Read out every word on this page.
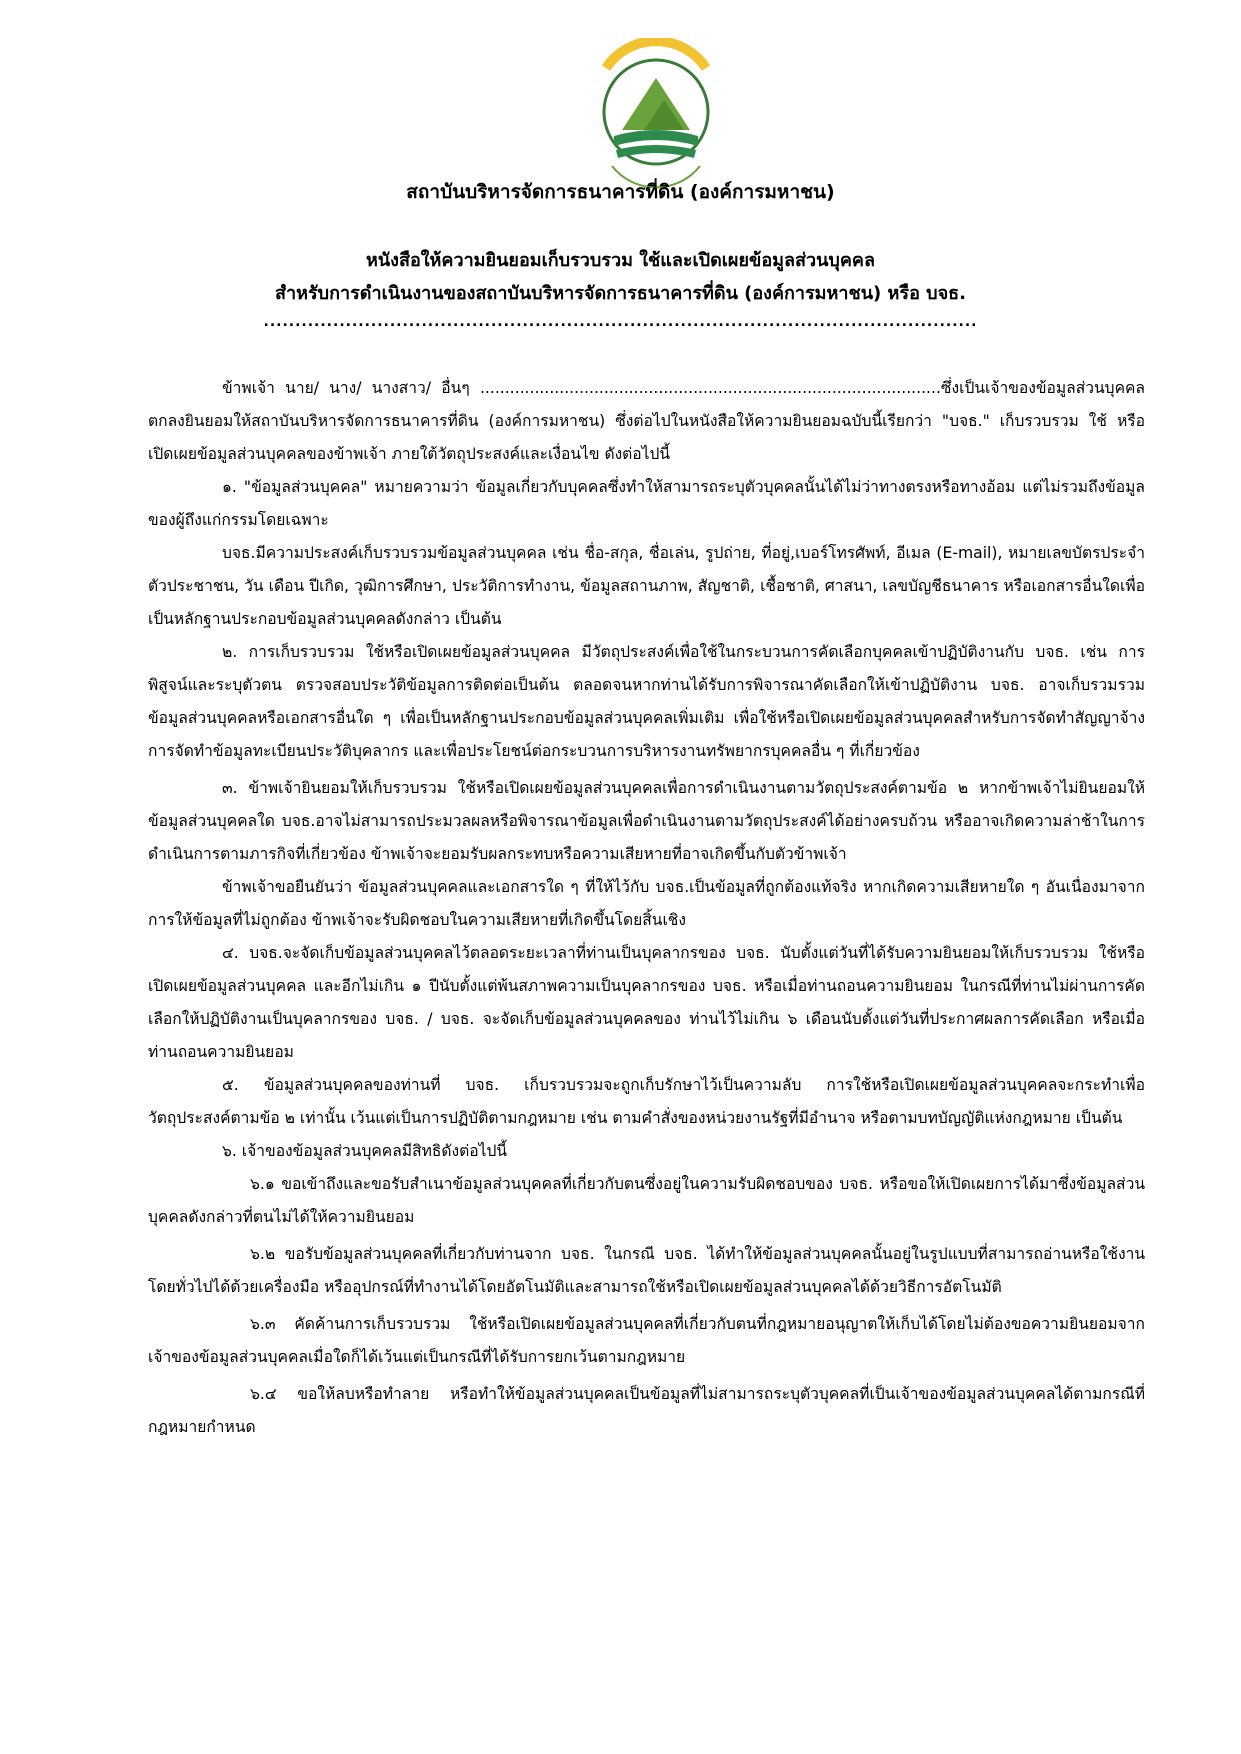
สถาบันบริหารจัดการธนาคารที่ดิน (องค์การมหาชน)
หนังสือให้ความยินยอมเก็บรวบรวม ใช้และเปิดเผยข้อมูลส่วนบุคคล
สำหรับการดำเนินงานของสถาบันบริหารจัดการธนาคารที่ดิน (องค์การมหาชน) หรือ บจธ.
.................................................................................................................

ข้าพเจ้า นาย/ นาง/ นางสาว/ อื่นๆ .............................................................................................ซึ่งเป็นเจ้าของข้อมูลส่วนบุคคลตกลงยินยอมให้สถาบันบริหารจัดการธนาคารที่ดิน (องค์การมหาชน) ซึ่งต่อไปในหนังสือให้ความยินยอมฉบับนี้เรียกว่า "บจธ." เก็บรวบรวม ใช้ หรือ เปิดเผยข้อมูลส่วนบุคคลของข้าพเจ้า ภายใต้วัตถุประสงค์และเงื่อนไข ดังต่อไปนี้

๑. "ข้อมูลส่วนบุคคล" หมายความว่า ข้อมูลเกี่ยวกับบุคคลซึ่งทำให้สามารถระบุตัวบุคคลนั้นได้ไม่ว่าทางตรงหรือทางอ้อม แต่ไม่รวมถึงข้อมูลของผู้ถึงแก่กรรมโดยเฉพาะ

บจธ.มีความประสงค์เก็บรวบรวมข้อมูลส่วนบุคคล เช่น ชื่อ-สกุล, ชื่อเล่น, รูปถ่าย, ที่อยู่,เบอร์โทรศัพท์, อีเมล (E-mail), หมายเลขบัตรประจำตัวประชาชน, วัน เดือน ปีเกิด, วุฒิการศึกษา, ประวัติการทำงาน, ข้อมูลสถานภาพ, สัญชาติ, เชื้อชาติ, ศาสนา, เลขบัญชีธนาคาร หรือเอกสารอื่นใดเพื่อเป็นหลักฐานประกอบข้อมูลส่วนบุคคลดังกล่าว เป็นต้น

๒. การเก็บรวบรวม ใช้หรือเปิดเผยข้อมูลส่วนบุคคล มีวัตถุประสงค์เพื่อใช้ในกระบวนการคัดเลือกบุคคลเข้าปฏิบัติงานกับ บจธ. เช่น การพิสูจน์และระบุตัวตน ตรวจสอบประวัติข้อมูลการติดต่อเป็นต้น ตลอดจนหากท่านได้รับการพิจารณาคัดเลือกให้เข้าปฏิบัติงาน บจธ. อาจเก็บรวมรวมข้อมูลส่วนบุคคลหรือเอกสารอื่นใด ๆ เพื่อเป็นหลักฐานประกอบข้อมูลส่วนบุคคลเพิ่มเติม เพื่อใช้หรือเปิดเผยข้อมูลส่วนบุคคลสำหรับการจัดทำสัญญาจ้าง การจัดทำข้อมูลทะเบียนประวัติบุคลากร และเพื่อประโยชน์ต่อกระบวนการบริหารงานทรัพยากรบุคคลอื่น ๆ ที่เกี่ยวข้อง

๓. ข้าพเจ้ายินยอมให้เก็บรวบรวม ใช้หรือเปิดเผยข้อมูลส่วนบุคคลเพื่อการดำเนินงานตามวัตถุประสงค์ตามข้อ ๒ หากข้าพเจ้าไม่ยินยอมให้ข้อมูลส่วนบุคคลใด บจธ.อาจไม่สามารถประมวลผลหรือพิจารณาข้อมูลเพื่อดำเนินงานตามวัตถุประสงค์ได้อย่างครบถ้วน หรืออาจเกิดความล่าช้าในการดำเนินการตามภารกิจที่เกี่ยวข้อง ข้าพเจ้าจะยอมรับผลกระทบหรือความเสียหายที่อาจเกิดขึ้นกับตัวข้าพเจ้า

ข้าพเจ้าขอยืนยันว่า ข้อมูลส่วนบุคคลและเอกสารใด ๆ ที่ให้ไว้กับ บจธ.เป็นข้อมูลที่ถูกต้องแท้จริง หากเกิดความเสียหายใด ๆ อันเนื่องมาจากการให้ข้อมูลที่ไม่ถูกต้อง ข้าพเจ้าจะรับผิดชอบในความเสียหายที่เกิดขึ้นโดยสิ้นเชิง

๔. บจธ.จะจัดเก็บข้อมูลส่วนบุคคลไว้ตลอดระยะเวลาที่ท่านเป็นบุคลากรของ บจธ. นับตั้งแต่วันที่ได้รับความยินยอมให้เก็บรวบรวม ใช้หรือเปิดเผยข้อมูลส่วนบุคคล และอีกไม่เกิน ๑ ปีนับตั้งแต่พ้นสภาพความเป็นบุคลากรของ บจธ. หรือเมื่อท่านถอนความยินยอม ในกรณีที่ท่านไม่ผ่านการคัดเลือกให้ปฏิบัติงานเป็นบุคลากรของ บจธ. / บจธ. จะจัดเก็บข้อมูลส่วนบุคคลของ ท่านไว้ไม่เกิน ๖ เดือนนับตั้งแต่วันที่ประกาศผลการคัดเลือก หรือเมื่อท่านถอนความยินยอม

๕. ข้อมูลส่วนบุคคลของท่านที่ บจธ. เก็บรวบรวมจะถูกเก็บรักษาไว้เป็นความลับ การใช้หรือเปิดเผยข้อมูลส่วนบุคคลจะกระทำเพื่อวัตถุประสงค์ตามข้อ ๒ เท่านั้น เว้นแต่เป็นการปฏิบัติตามกฎหมาย เช่น ตามคำสั่งของหน่วยงานรัฐที่มีอำนาจ หรือตามบทบัญญัติแห่งกฎหมาย เป็นต้น

๖. เจ้าของข้อมูลส่วนบุคคลมีสิทธิดังต่อไปนี้

๖.๑ ขอเข้าถึงและขอรับสำเนาข้อมูลส่วนบุคคลที่เกี่ยวกับตนซึ่งอยู่ในความรับผิดชอบของ บจธ. หรือขอให้เปิดเผยการได้มาซึ่งข้อมูลส่วนบุคคลดังกล่าวที่ตนไม่ได้ให้ความยินยอม

๖.๒ ขอรับข้อมูลส่วนบุคคลที่เกี่ยวกับท่านจาก บจธ. ในกรณี บจธ. ได้ทำให้ข้อมูลส่วนบุคคลนั้นอยู่ในรูปแบบที่สามารถอ่านหรือใช้งานโดยทั่วไปได้ด้วยเครื่องมือ หรืออุปกรณ์ที่ทำงานได้โดยอัตโนมัติและสามารถใช้หรือเปิดเผยข้อมูลส่วนบุคคลได้ด้วยวิธีการอัตโนมัติ

๖.๓ คัดค้านการเก็บรวบรวม ใช้หรือเปิดเผยข้อมูลส่วนบุคคลที่เกี่ยวกับตนที่กฎหมายอนุญาตให้เก็บได้โดยไม่ต้องขอความยินยอมจากเจ้าของข้อมูลส่วนบุคคลเมื่อใดก็ได้เว้นแต่เป็นกรณีที่ได้รับการยกเว้นตามกฎหมาย

๖.๔ ขอให้ลบหรือทำลาย หรือทำให้ข้อมูลส่วนบุคคลเป็นข้อมูลที่ไม่สามารถระบุตัวบุคคลที่เป็นเจ้าของข้อมูลส่วนบุคคลได้ตามกรณีที่กฎหมายกำหนด
